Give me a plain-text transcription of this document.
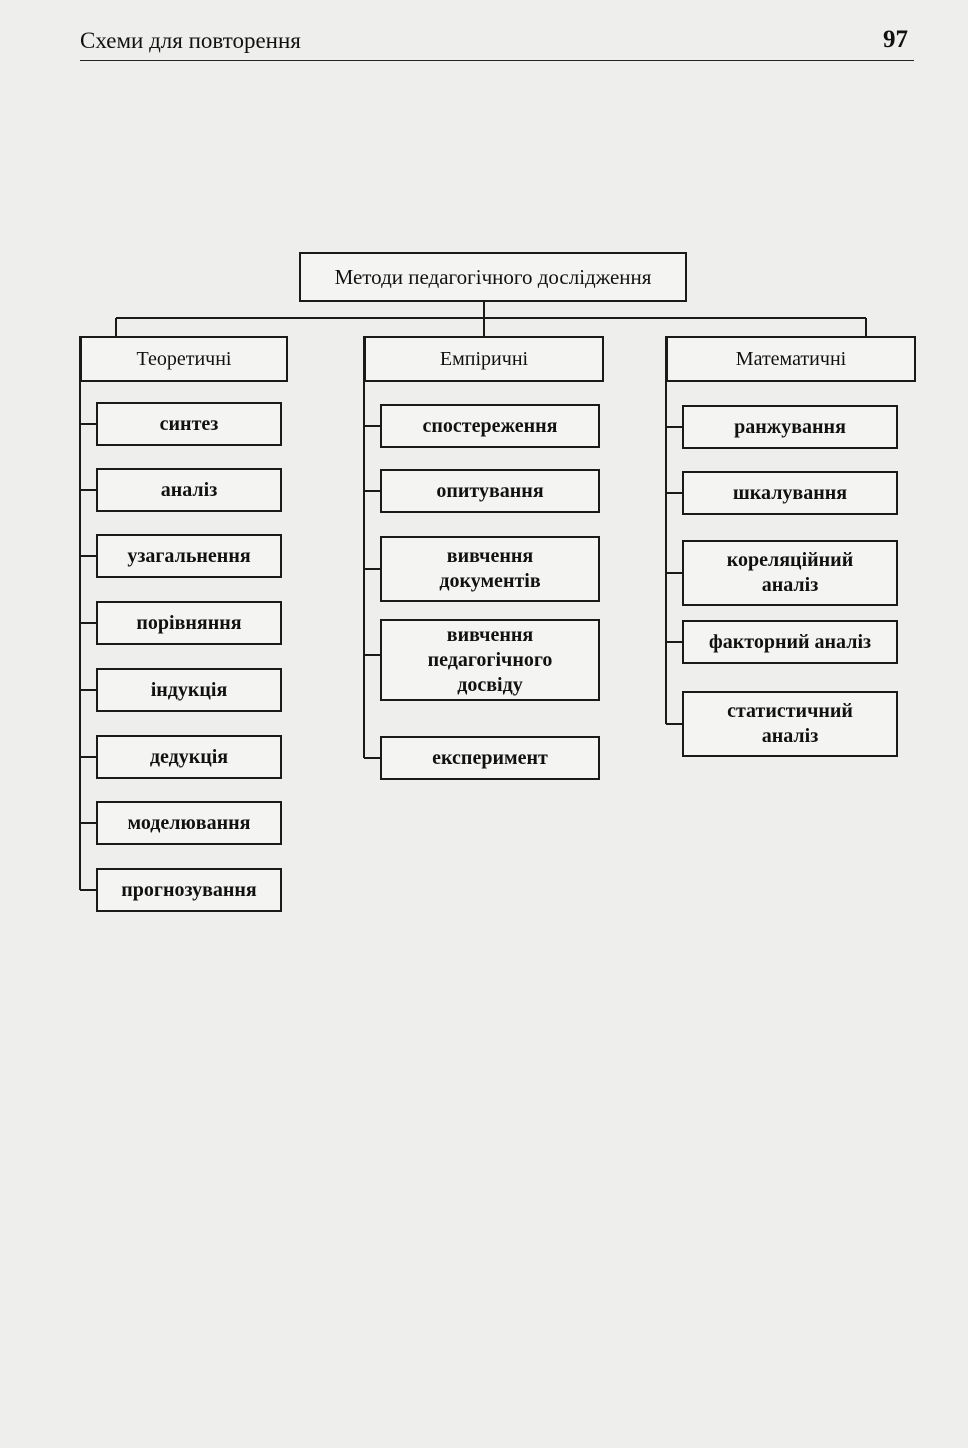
Схеми для повторення	97
Методи педагогічного дослідження
Теоретичні	Емпіричні	Математичні
синтез
аналіз
узагальнення
порівняння
індукція
дедукція
моделювання
прогнозування
спостереження
опитування
вивчення документів
вивчення педагогічного досвіду
експеримент
ранжування
шкалування
кореляційний аналіз
факторний аналіз
статистичний аналіз
